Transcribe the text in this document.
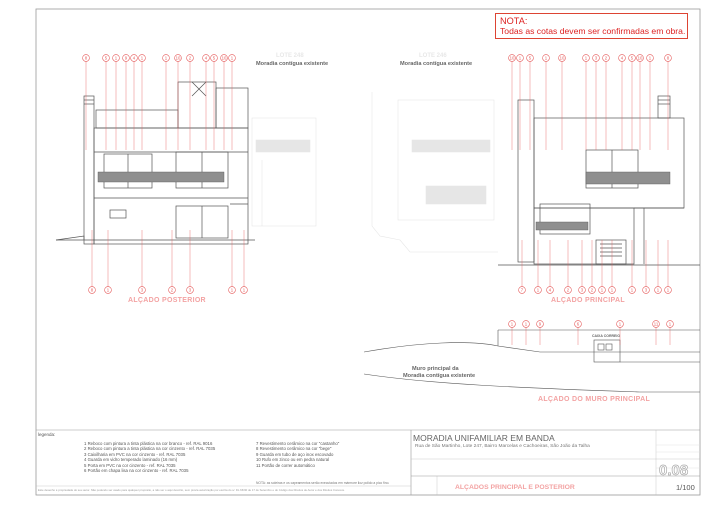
8	5 1 9 4 1	1 10 2	4 5 10 1
8	1	3	2	3	1 1
10 1 5	1	10	1 3 2	4 5 10 1	8
7	1 4	2	3 2 1 1	1	3 1 1
1	1	9	6	1	11 1
NOTA:
Todas as cotas devem ser confirmadas em obra.
LOTE 248
Moradia contígua existente
LOTE 246
Moradia contígua existente
ALÇADO POSTERIOR	ALÇADO PRINCIPAL
ALÇADO DO MURO PRINCIPAL
Muro principal da
Moradia contígua existente
CAIXA CORREIO
legenda:
1 Reboco com pintura a tinta plástica na cor branco - ref. RAL 9016
2 Reboco com pintura a tinta plástica na cor cinzento - ref. RAL 7035
3 Caixilharia em PVC na cor cinzento - ref. RAL 7035
4 Guarda em vidro temperado laminado (16 mm)
5 Porta em PVC na cor cinzento - ref. RAL 7035
6 Portão em chapa lisa na cor cinzento - ref. RAL 7035
7 Revestimento cerâmico na cor "castanho"
8 Revestimento cerâmico na cor "bege"
9 Guarda em tubo de aço inox escovado
10 Rufo em zinco ou em pedra natural
11 Portão de correr automático
NOTA: as soleiras e os capeamentos serão executados em mármore lioz polido a pico fino.
MORADIA UNIFAMILIAR EM BANDA
Rua de São Martinho, Lote 247, Bairro Marcelas e Cachoeiras, São João da Talha
0.08
ALÇADOS PRINCIPAL E POSTERIOR	1/100
Este desenho é propriedade do seu autor. Não podendo ser usado para qualquer propósito, a não ser o aqui descrito, sem prévia autorização por escrita do s/. DL 66/90 de 17 de Setembro e do Código dos Direitos de Autor e dos Direitos Conexos.
